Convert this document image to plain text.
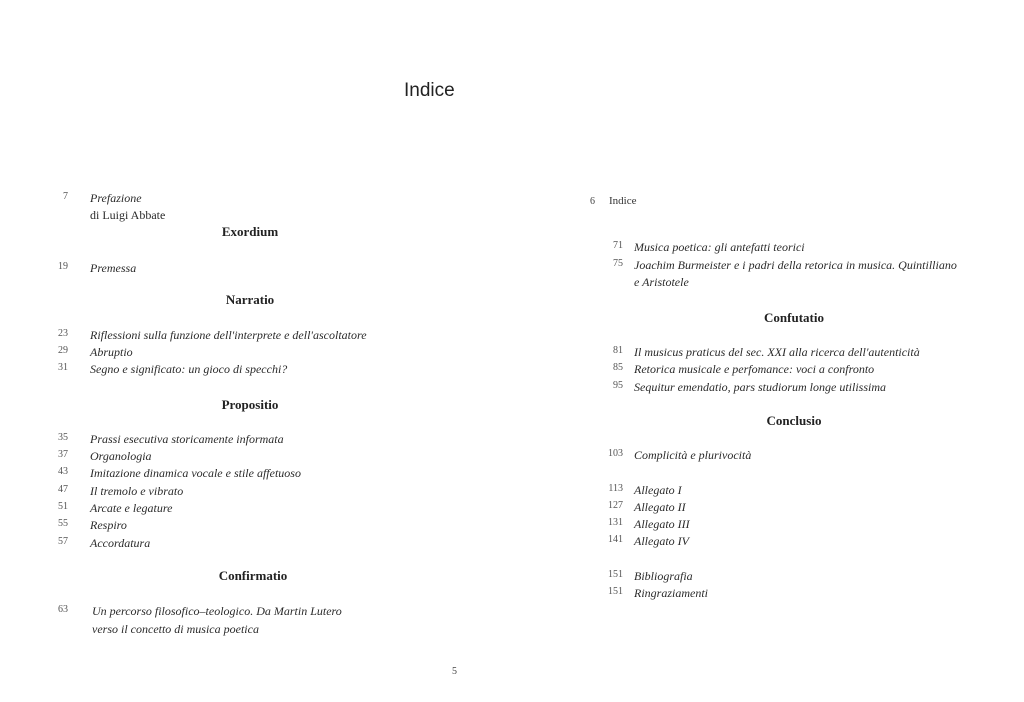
Indice
7 Prefazione
di Luigi Abbate
Exordium
19 Premessa
Narratio
23 Riflessioni sulla funzione dell'interprete e dell'ascoltatore
29 Abruptio
31 Segno e significato: un gioco di specchi?
Propositio
35 Prassi esecutiva storicamente informata
37 Organologia
43 Imitazione dinamica vocale e stile affetuoso
47 Il tremolo e vibrato
51 Arcate e legature
55 Respiro
57 Accordatura
Confirmatio
63 Un percorso filosofico–teologico. Da Martin Lutero
verso il concetto di musica poetica
5
6 Indice
71 Musica poetica: gli antefatti teorici
75 Joachim Burmeister e i padri della retorica in musica. Quintilliano
e Aristotele
Confutatio
81 Il musicus praticus del sec. XXI alla ricerca dell'autenticità
85 Retorica musicale e perfomance: voci a confronto
95 Sequitur emendatio, pars studiorum longe utilissima
Conclusio
103 Complicità e plurivocità
113 Allegato I
127 Allegato II
131 Allegato III
141 Allegato IV
151 Bibliografia
151 Ringraziamenti
